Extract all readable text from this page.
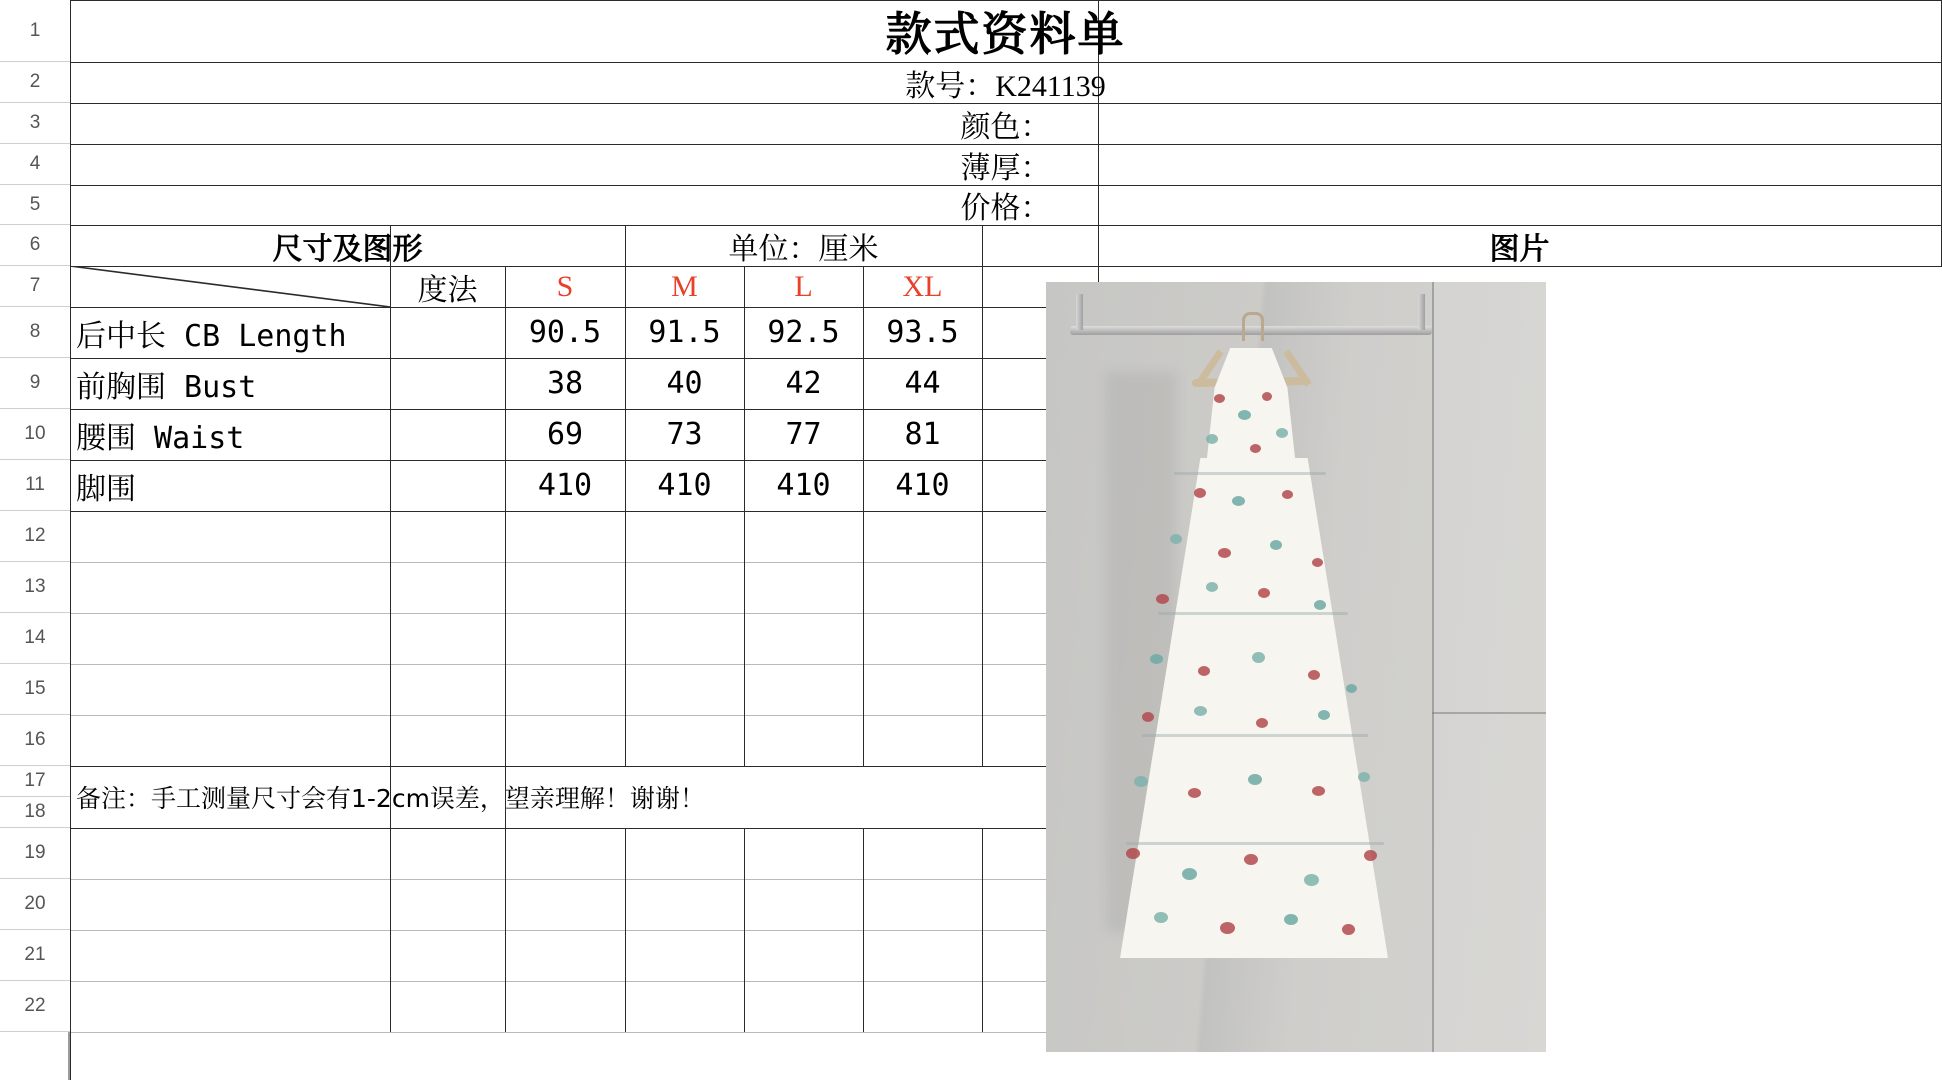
1
2
3
4
5
6
7
8
9
10
11
12
13
14
15
16
17
18
19
20
21
22
款式资料单
款号：K241139
颜色：
薄厚：
价格：
尺寸及图形	单位：厘米	图片
度法	S	M	L	XL
后中长 CB Length	90.5	91.5	92.5	93.5
前胸围 Bust	38	40	42	44
腰围 Waist	69	73	77	81
脚围	410	410	410	410
备注：手工测量尺寸会有1-2cm误差，望亲理解！谢谢！
